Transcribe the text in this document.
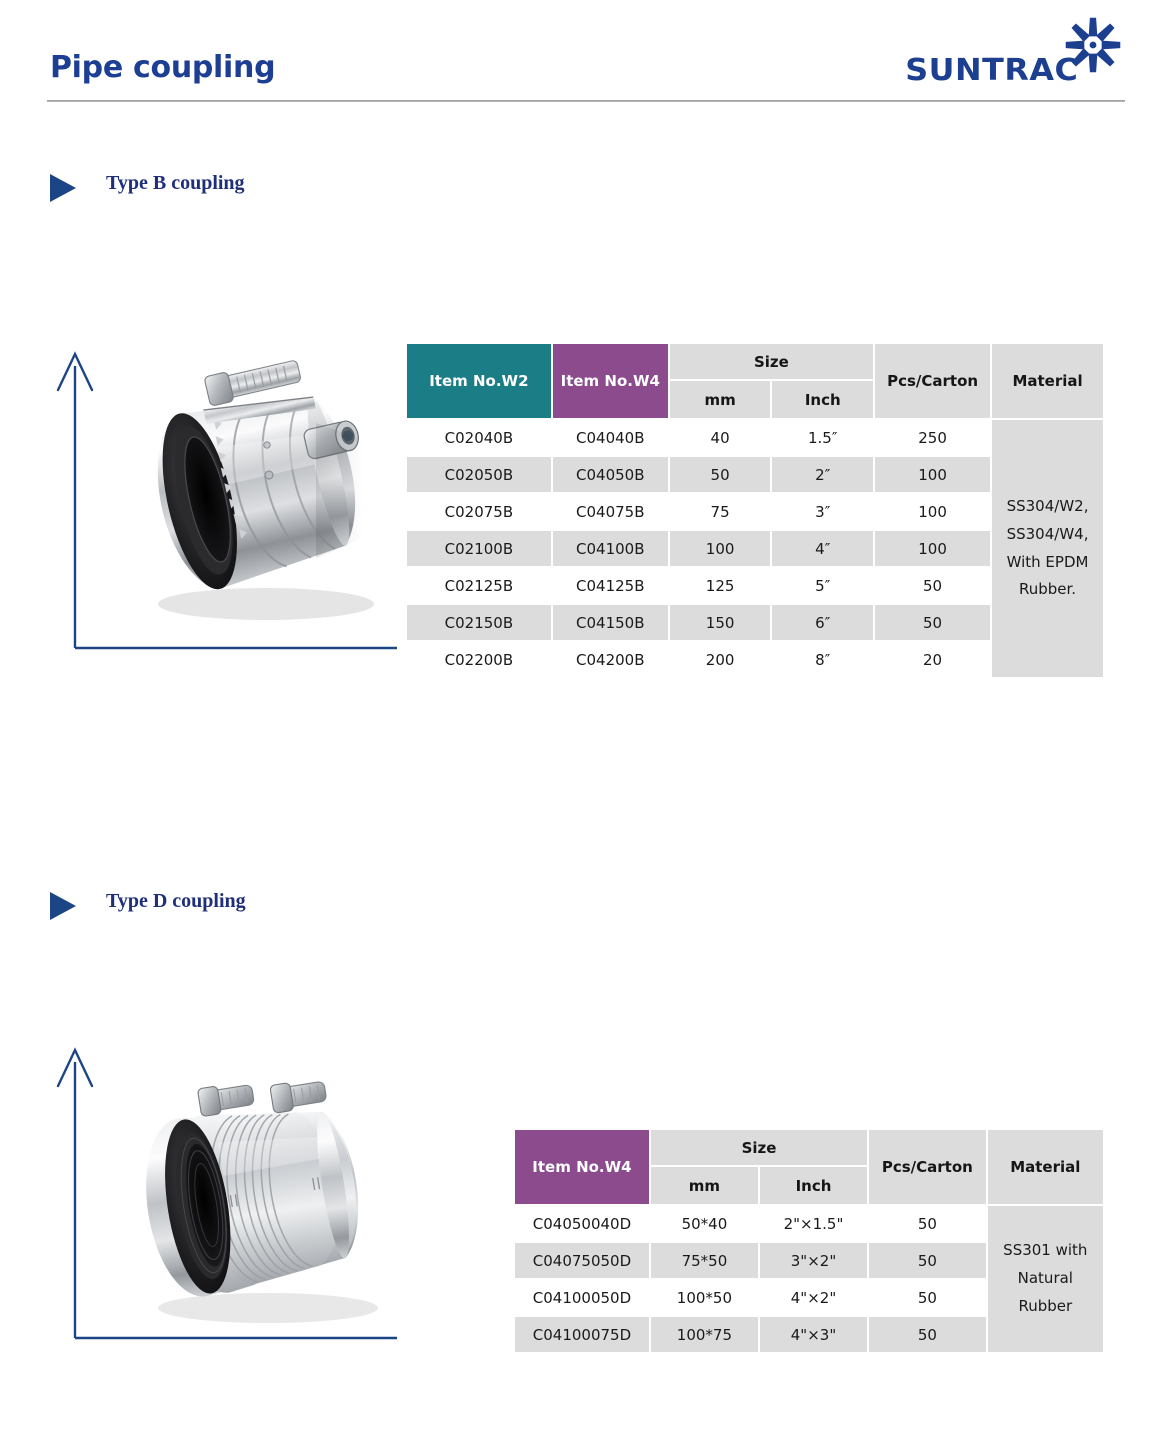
Pipe coupling	SUNTRAC
Type B coupling
Item No.W2	Item No.W4	Size		Pcs/Carton	Material
		mm	Inch		
C02040B	C04040B	40	1.5″	250	SS304/W2, SS304/W4, With EPDM Rubber.
C02050B	C04050B	50	2″	100	
C02075B	C04075B	75	3″	100	
C02100B	C04100B	100	4″	100	
C02125B	C04125B	125	5″	50	
C02150B	C04150B	150	6″	50	
C02200B	C04200B	200	8″	20	
Type D coupling
Item No.W4	Size		Pcs/Carton	Material
	mm	Inch		
C04050040D	50*40	2"×1.5"	50	SS301 with Natural Rubber
C04075050D	75*50	3"×2"	50	
C04100050D	100*50	4"×2"	50	
C04100075D	100*75	4"×3"	50	
